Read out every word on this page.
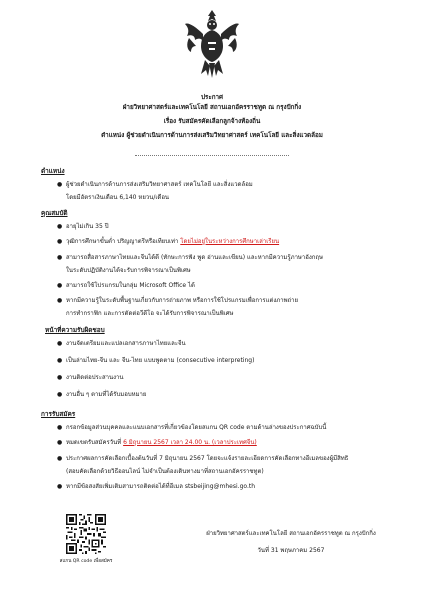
ประกาศ
ฝ่ายวิทยาศาสตร์และเทคโนโลยี สถานเอกอัครราชทูต ณ กรุงปักกิ่ง
เรื่อง รับสมัครคัดเลือกลูกจ้างท้องถิ่น
ตำแหน่ง ผู้ช่วยดำเนินการด้านการส่งเสริมวิทยาศาสตร์ เทคโนโลยี และสิ่งแวดล้อม
ตำแหน่ง
● ผู้ช่วยดำเนินการด้านการส่งเสริมวิทยาศาสตร์ เทคโนโลยี และสิ่งแวดล้อม
โดยมีอัตราเงินเดือน 6,140 หยวน/เดือน
คุณสมบัติ
● อายุไม่เกิน 35 ปี
● วุฒิการศึกษาขั้นต่ำ ปริญญาตรีหรือเทียบเท่า โดยไม่อยู่ในระหว่างการศึกษาเล่าเรียน
● สามารถสื่อสารภาษาไทยและจีนได้ดี (ทักษะการฟัง พูด อ่านและเขียน) และหากมีความรู้ภาษาอังกฤษ
ในระดับปฏิบัติงานได้จะรับการพิจารณาเป็นพิเศษ
● สามารถใช้โปรแกรมในกลุ่ม Microsoft Office ได้
● หากมีความรู้ในระดับพื้นฐานเกี่ยวกับการถ่ายภาพ หรือการใช้โปรแกรมเพื่อการแต่งภาพถ่าย
การทำกราฟิก และการตัดต่อวีดีโอ จะได้รับการพิจารณาเป็นพิเศษ
หน้าที่ความรับผิดชอบ
● งานจัดเตรียมและแปลเอกสารภาษาไทยและจีน
● เป็นล่ามไทย-จีน และ จีน-ไทย แบบพูดตาม (consecutive interpreting)
● งานติดต่อประสานงาน
● งานอื่น ๆ ตามที่ได้รับมอบหมาย
การรับสมัคร
● กรอกข้อมูลส่วนบุคคลและแนบเอกสารที่เกี่ยวข้องโดยสแกน QR code ตามด้านล่างของประกาศฉบับนี้
● หมดเขตรับสมัครวันที่ 6 มิถุนายน 2567 เวลา 24.00 น. (เวลาประเทศจีน)
● ประกาศผลการคัดเลือกเบื้องต้นวันที่ 7 มิถุนายน 2567 โดยจะแจ้งรายละเอียดการคัดเลือกทางอีเมลของผู้มีสิทธิ
(สอบคัดเลือกด้วยวิธีออนไลน์ ไม่จำเป็นต้องเดินทางมาที่สถานเอกอัครราชทูต)
● หากมีข้อสงสัยเพิ่มเติมสามารถติดต่อได้ที่อีเมล stsbeijing@mhesi.go.th
สแกน QR code เพื่อสมัคร
ฝ่ายวิทยาศาสตร์และเทคโนโลยี สถานเอกอัครราชทูต ณ กรุงปักกิ่ง
วันที่ 31 พฤษภาคม 2567
